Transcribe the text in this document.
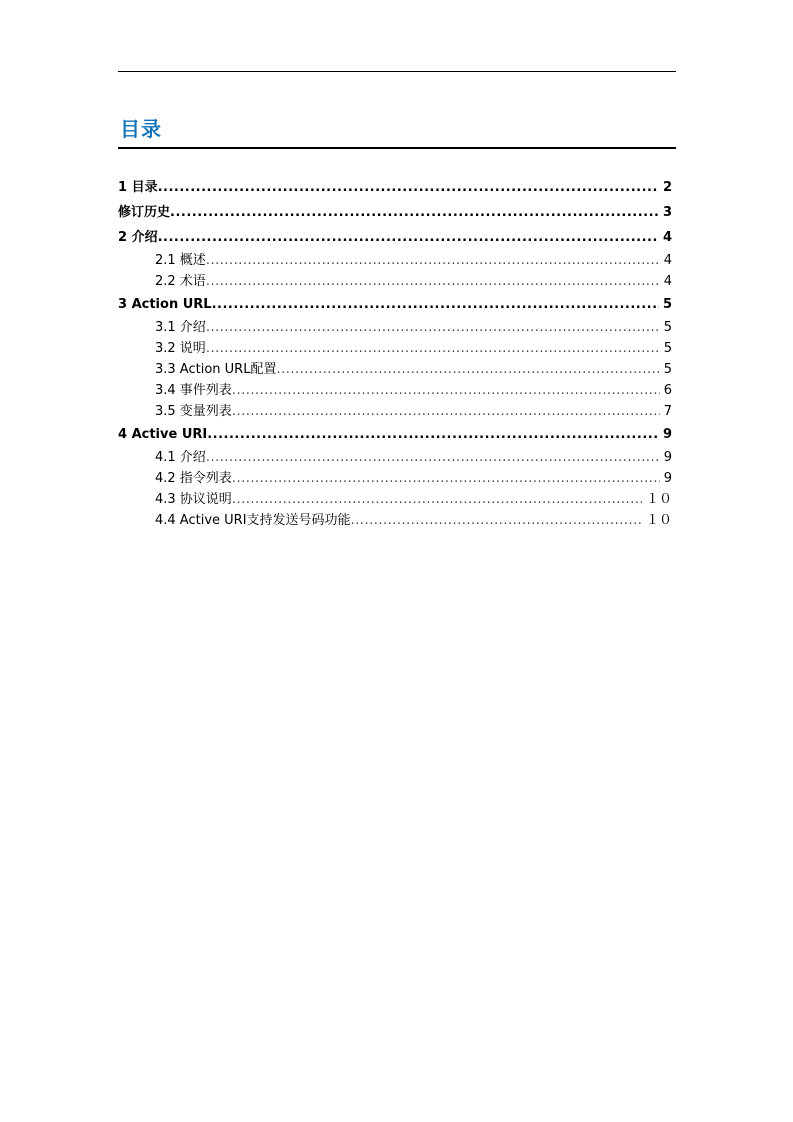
目录
1 目录 .....	2
修订历史 .....	3
2 介绍 .....	4
2.1 概述 .....	4
2.2 术语 .....	4
3 Action URL .....	5
3.1 介绍 .....	5
3.2 说明 .....	5
3.3 Action URL配置 .....	5
3.4 事件列表 .....	6
3.5 变量列表 .....	7
4 Active URI .....	9
4.1 介绍 .....	9
4.2 指令列表 .....	9
4.3 协议说明 .....	１０
4.4 Active URI支持发送号码功能 .....	１０
